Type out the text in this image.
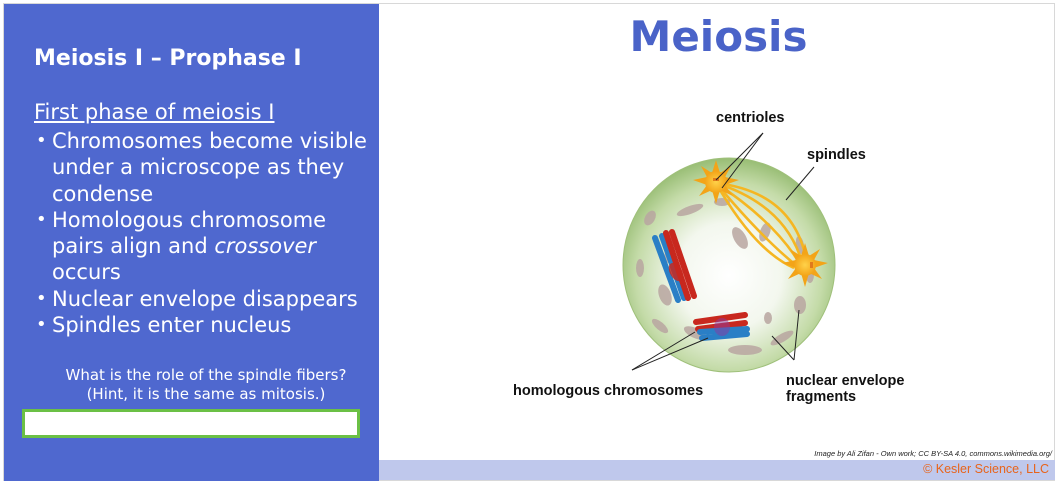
Meiosis I – Prophase I
First phase of meiosis I
• Chromosomes become visible under a microscope as they condense
• Homologous chromosome pairs align and crossover occurs
• Nuclear envelope disappears
• Spindles enter nucleus
What is the role of the spindle fibers?
(Hint, it is the same as mitosis.)
Meiosis
centrioles
spindles
homologous chromosomes
nuclear envelope
fragments
Image by Ali Zifan - Own work; CC BY-SA 4.0, commons.wikimedia.org/
© Kesler Science, LLC
